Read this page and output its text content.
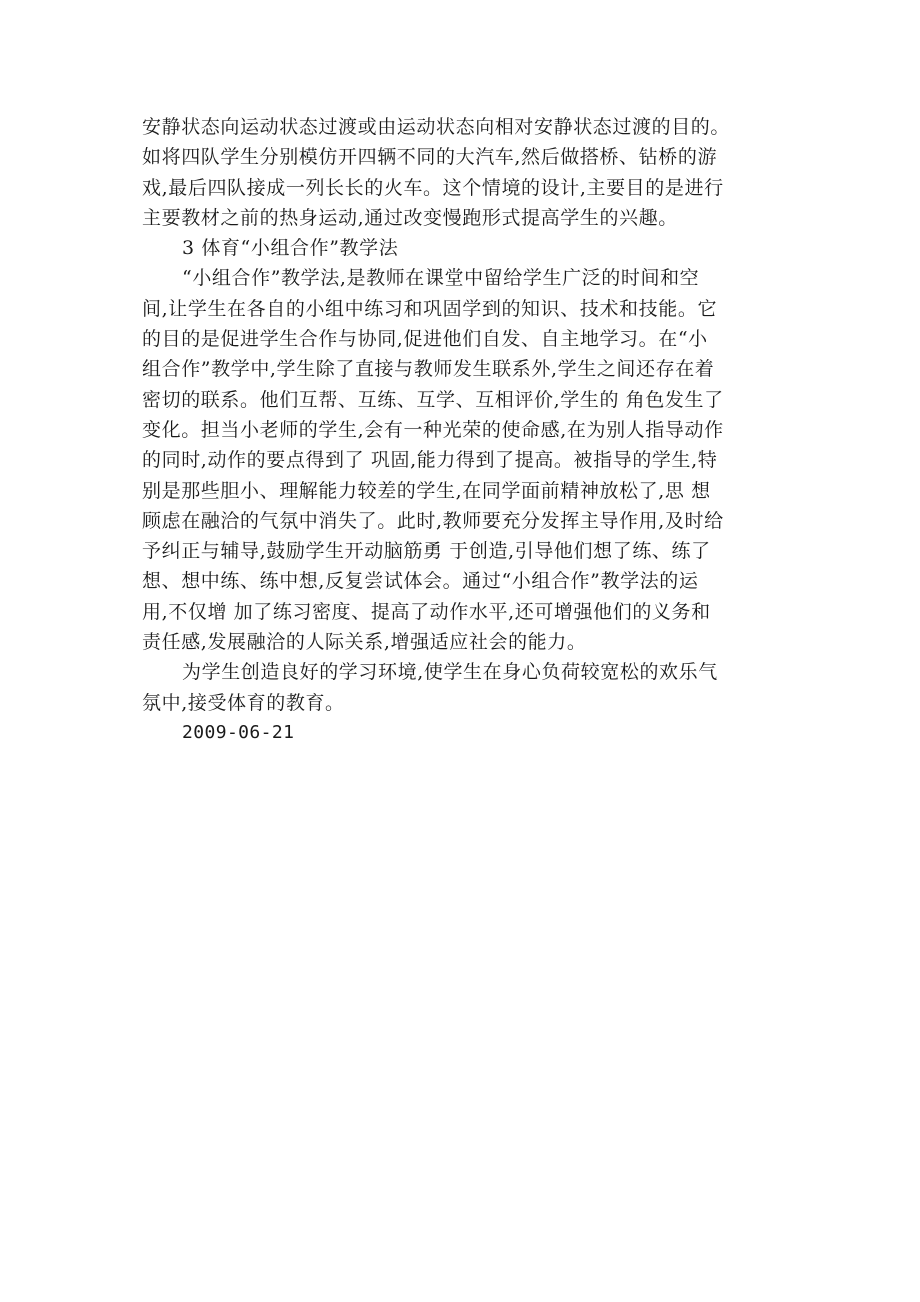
安静状态向运动状态过渡或由运动状态向相对安静状态过渡的目的。
如将四队学生分别模仿开四辆不同的大汽车,然后做搭桥、钻桥的游
戏,最后四队接成一列长长的火车。这个情境的设计,主要目的是进行
主要教材之前的热身运动,通过改变慢跑形式提高学生的兴趣。
3 体育“小组合作”教学法
“小组合作”教学法,是教师在课堂中留给学生广泛的时间和空
间,让学生在各自的小组中练习和巩固学到的知识、技术和技能。它
的目的是促进学生合作与协同,促进他们自发、自主地学习。在“小
组合作”教学中,学生除了直接与教师发生联系外,学生之间还存在着
密切的联系。他们互帮、互练、互学、互相评价,学生的 角色发生了
变化。担当小老师的学生,会有一种光荣的使命感,在为别人指导动作
的同时,动作的要点得到了 巩固,能力得到了提高。被指导的学生,特
别是那些胆小、理解能力较差的学生,在同学面前精神放松了,思 想
顾虑在融洽的气氛中消失了。此时,教师要充分发挥主导作用,及时给
予纠正与辅导,鼓励学生开动脑筋勇 于创造,引导他们想了练、练了
想、想中练、练中想,反复尝试体会。通过“小组合作”教学法的运
用,不仅增 加了练习密度、提高了动作水平,还可增强他们的义务和
责任感,发展融洽的人际关系,增强适应社会的能力。
为学生创造良好的学习环境,使学生在身心负荷较宽松的欢乐气
氛中,接受体育的教育。
2009-06-21
